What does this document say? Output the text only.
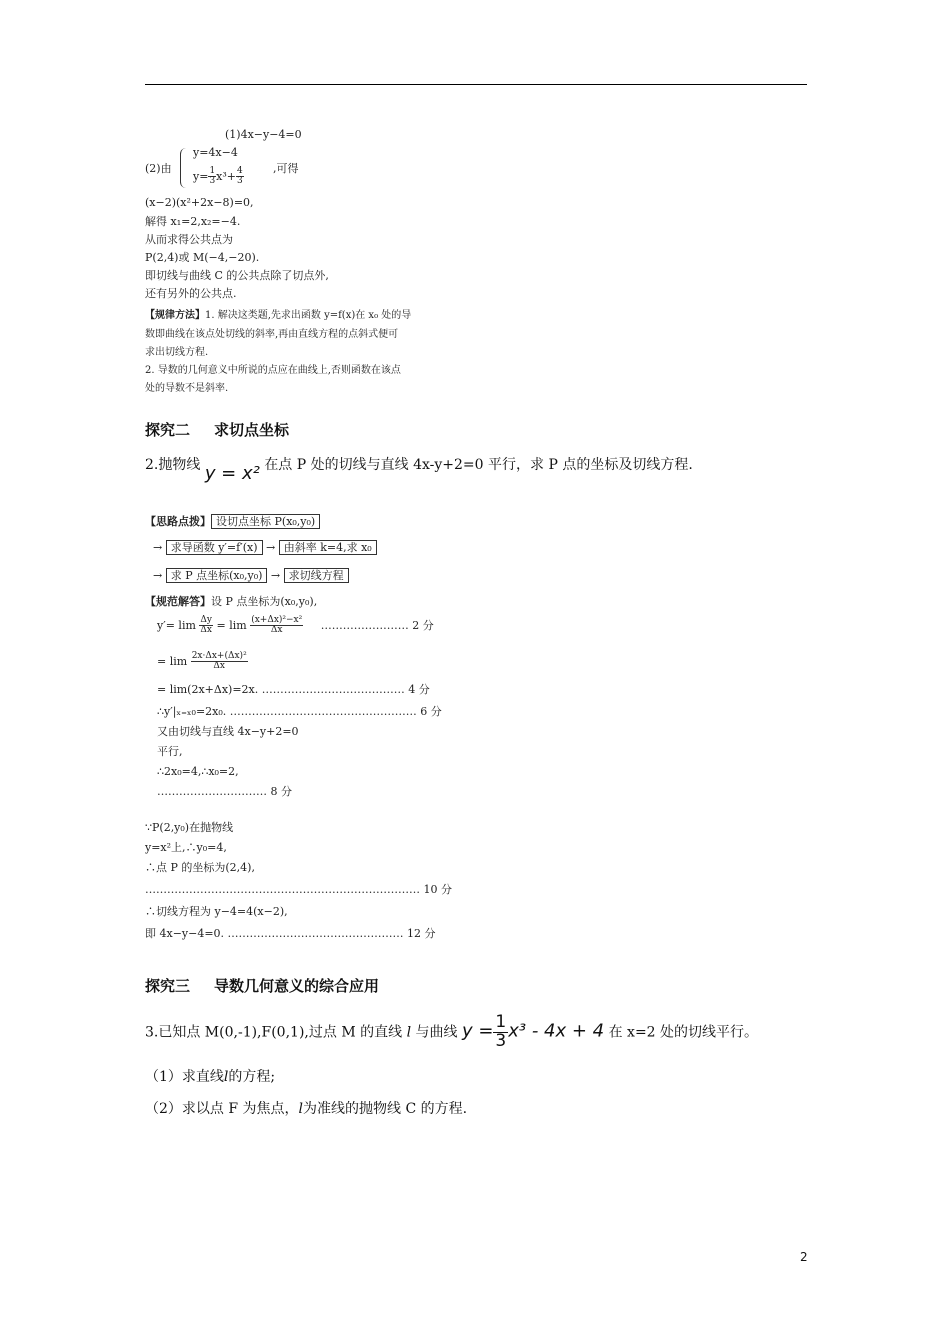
(1)4x−y−4=0
(2)由
y=4x−4
$y= \frac{1}{3} x^3+ \frac{4}{3}$	,可得
(x−2)(x²+2x−8)=0,
解得 x₁=2,x₂=−4.
从而求得公共点为
P(2,4)或 M(−4,−20).
即切线与曲线 C 的公共点除了切点外,
还有另外的公共点.
【规律方法】1. 解决这类题,先求出函数 y=f(x)在 x₀ 处的导
数即曲线在该点处切线的斜率,再由直线方程的点斜式便可
求出切线方程.
2. 导数的几何意义中所说的点应在曲线上,否则函数在该点
处的导数不是斜率.
探究二 求切点坐标
2.抛物线 y = x² 在点 P 处的切线与直线 4x-y+2=0 平行，求 P 点的坐标及切线方程.
【思路点拨】 设切点坐标 P(x₀,y₀)
→ 求导函数 y′=f′(x) → 由斜率 k=4,求 x₀
→ 求 P 点坐标(x₀,y₀) → 求切线方程
【规范解答】设 P 点坐标为(x₀,y₀),
$y'= \lim \frac{\Delta y}{\Delta x} = \lim \frac{\text{(x+Δx)²−x²}}{\Delta x}$ …………………… 2 分
= $\lim \frac{\text{2x·Δx+(Δx)²}}{\Delta x}$
= lim(2x+Δx)=2x. ………………………………… 4 分
∴y′|ₓ₌ₓ₀=2x₀. …………………………………………… 6 分
又由切线与直线 4x−y+2=0
平行,
∴2x₀=4,∴x₀=2,
………………………… 8 分
∵P(2,y₀)在抛物线
y=x²上,∴y₀=4,
∴点 P 的坐标为(2,4),
………………………………………………………………… 10 分
∴切线方程为 y−4=4(x−2),
即 4x−y−4=0. ………………………………………… 12 分
探究三 导数几何意义的综合应用
3.已知点 M(0,-1),F(0,1),过点 M 的直线 l 与曲线 $y = \frac{1}{3} x^3 - 4x + 4$ 在 x=2 处的切线平行。
（1）求直线l的方程;
（2）求以点 F 为焦点，l为准线的抛物线 C 的方程.
2
